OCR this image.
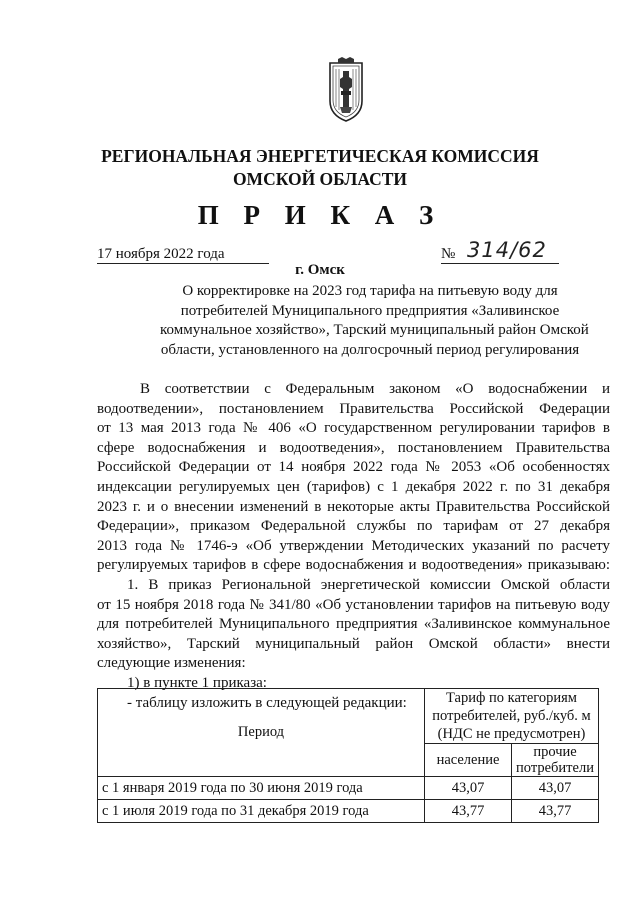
РЕГИОНАЛЬНАЯ ЭНЕРГЕТИЧЕСКАЯ КОМИССИЯ
ОМСКОЙ ОБЛАСТИ
П Р И К А З
17 ноября 2022 года	№ 314/62
г. Омск
О корректировке на 2023 год тарифа на питьевую воду для
потребителей Муниципального предприятия «Заливинское
коммунальное хозяйство», Тарский муниципальный район Омской
области, установленного на долгосрочный период регулирования
В соответствии с Федеральным законом «О водоснабжении и
водоотведении», постановлением Правительства Российской Федерации
от 13 мая 2013 года № 406 «О государственном регулировании тарифов в
сфере водоснабжения и водоотведения», постановлением Правительства
Российской Федерации от 14 ноября 2022 года № 2053 «Об особенностях
индексации регулируемых цен (тарифов) с 1 декабря 2022 г. по 31 декабря
2023 г. и о внесении изменений в некоторые акты Правительства Российской
Федерации», приказом Федеральной службы по тарифам от 27 декабря
2013 года № 1746-э «Об утверждении Методических указаний по расчету
регулируемых тарифов в сфере водоснабжения и водоотведения» приказываю:
1. В приказ Региональной энергетической комиссии Омской области
от 15 ноября 2018 года № 341/80 «Об установлении тарифов на питьевую воду
для потребителей Муниципального предприятия «Заливинское коммунальное
хозяйство», Тарский муниципальный район Омской области» внести
следующие изменения:
1) в пункте 1 приказа:
- таблицу изложить в следующей редакции:
Период	Тариф по категориям
потребителей, руб./куб. м
(НДС не предусмотрен)	

	население	прочие
потребители

с 1 января 2019 года по 30 июня 2019 года	43,07	43,07
с 1 июля 2019 года по 31 декабря 2019 года	43,77	43,77
